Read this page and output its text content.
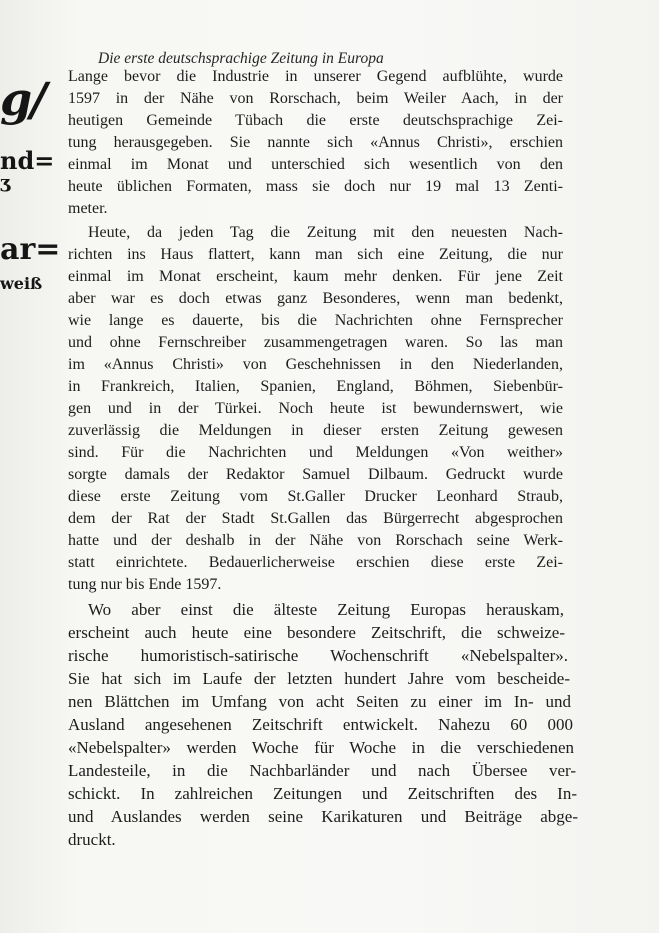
g/
nd=
ʒ
ar=
weiß
Die erste deutschsprachige Zeitung in Europa
Lange bevor die Industrie in unserer Gegend aufblühte, wurde
1597 in der Nähe von Rorschach, beim Weiler Aach, in der
heutigen Gemeinde Tübach die erste deutschsprachige Zei-
tung herausgegeben. Sie nannte sich «Annus Christi», erschien
einmal im Monat und unterschied sich wesentlich von den
heute üblichen Formaten, mass sie doch nur 19 mal 13 Zenti-
meter.
Heute, da jeden Tag die Zeitung mit den neuesten Nach-
richten ins Haus flattert, kann man sich eine Zeitung, die nur
einmal im Monat erscheint, kaum mehr denken. Für jene Zeit
aber war es doch etwas ganz Besonderes, wenn man bedenkt,
wie lange es dauerte, bis die Nachrichten ohne Fernsprecher
und ohne Fernschreiber zusammengetragen waren. So las man
im «Annus Christi» von Geschehnissen in den Niederlanden,
in Frankreich, Italien, Spanien, England, Böhmen, Siebenbür-
gen und in der Türkei. Noch heute ist bewundernswert, wie
zuverlässig die Meldungen in dieser ersten Zeitung gewesen
sind. Für die Nachrichten und Meldungen «Von weither»
sorgte damals der Redaktor Samuel Dilbaum. Gedruckt wurde
diese erste Zeitung vom St.Galler Drucker Leonhard Straub,
dem der Rat der Stadt St.Gallen das Bürgerrecht abgesprochen
hatte und der deshalb in der Nähe von Rorschach seine Werk-
statt einrichtete. Bedauerlicherweise erschien diese erste Zei-
tung nur bis Ende 1597.
Wo aber einst die älteste Zeitung Europas herauskam,
erscheint auch heute eine besondere Zeitschrift, die schweize-
rische humoristisch-satirische Wochenschrift «Nebelspalter».
Sie hat sich im Laufe der letzten hundert Jahre vom bescheide-
nen Blättchen im Umfang von acht Seiten zu einer im In- und
Ausland angesehenen Zeitschrift entwickelt. Nahezu 60 000
«Nebelspalter» werden Woche für Woche in die verschiedenen
Landesteile, in die Nachbarländer und nach Übersee ver-
schickt. In zahlreichen Zeitungen und Zeitschriften des In-
und Auslandes werden seine Karikaturen und Beiträge abge-
druckt.
